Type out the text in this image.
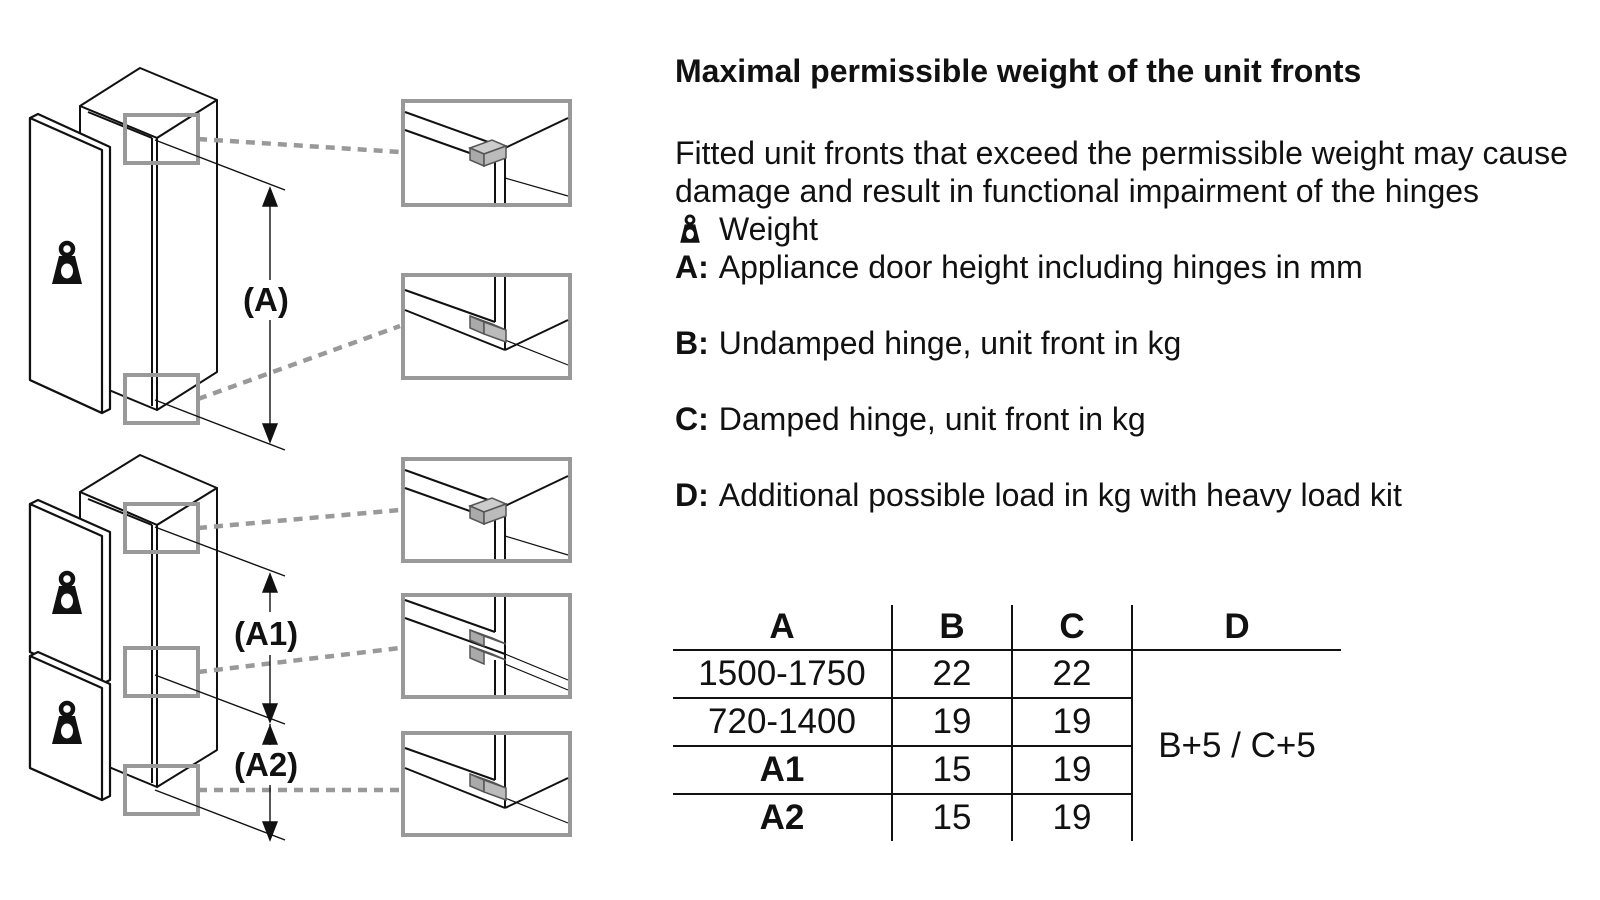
(A)
(A1)
(A2)
Maximal permissible weight of the unit fronts

Fitted unit fronts that exceed the permissible weight may cause damage and result in functional impairment of the hinges

Weight
A: Appliance door height including hinges in mm
B: Undamped hinge, unit front in kg
C: Damped hinge, unit front in kg
D: Additional possible load in kg with heavy load kit
A	B	C	D
1500-1750	22	22	B+5 / C+5
720-1400	19	19	
A1	15	19	
A2	15	19	
